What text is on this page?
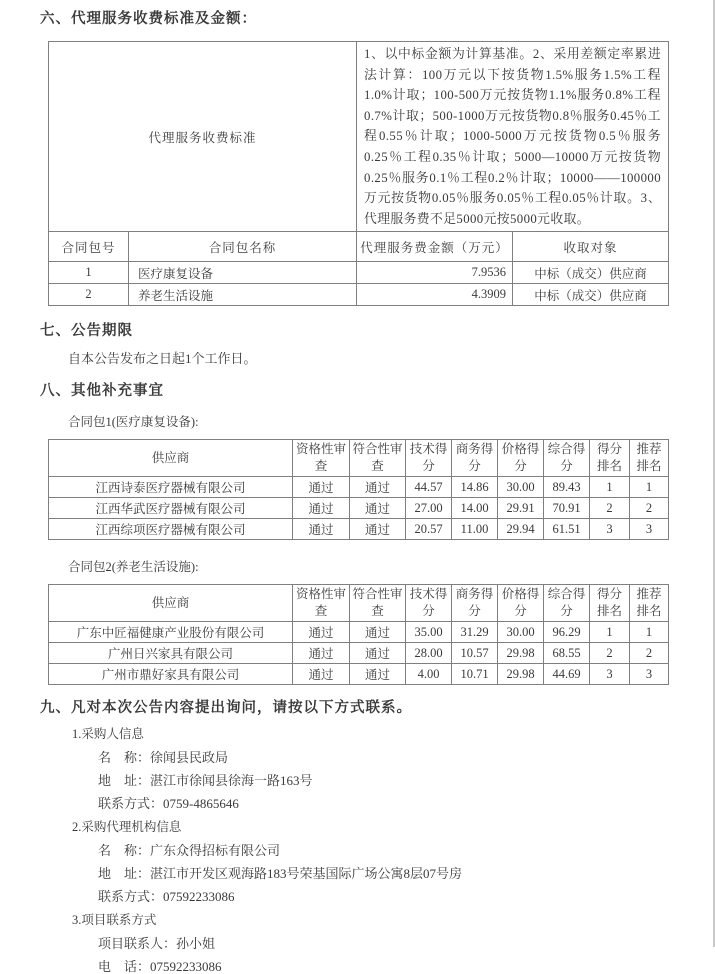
六、代理服务收费标准及金额：
代理服务收费标准		1、以中标金额为计算基准。2、采用差额定率累进法计算：100万元以下按货物1.5%服务1.5%工程1.0%计取；100-500万元按货物1.1%服务0.8%工程0.7%计取；500-1000万元按货物0.8％服务0.45％工程0.55％计取；1000-5000万元按货物0.5％服务0.25％工程0.35％计取；5000—10000万元按货物0.25％服务0.1％工程0.2％计取；10000——100000万元按货物0.05％服务0.05％工程0.05％计取。3、代理服务费不足5000元按5000元收取。	
合同包号	合同包名称	代理服务费金额（万元）	收取对象
1	医疗康复设备	7.9536	中标（成交）供应商
2	养老生活设施	4.3909	中标（成交）供应商
七、公告期限
自本公告发布之日起1个工作日。
八、其他补充事宜
合同包1(医疗康复设备):
供应商	资格性审查	符合性审查	技术得分	商务得分	价格得分	综合得分	得分排名	推荐排名
江西诗泰医疗器械有限公司	通过	通过	44.57	14.86	30.00	89.43	1	1
江西华武医疗器械有限公司	通过	通过	27.00	14.00	29.91	70.91	2	2
江西综项医疗器械有限公司	通过	通过	20.57	11.00	29.94	61.51	3	3
合同包2(养老生活设施):
供应商	资格性审查	符合性审查	技术得分	商务得分	价格得分	综合得分	得分排名	推荐排名
广东中匠福健康产业股份有限公司	通过	通过	35.00	31.29	30.00	96.29	1	1
广州日兴家具有限公司	通过	通过	28.00	10.57	29.98	68.55	2	2
广州市鼎好家具有限公司	通过	通过	4.00	10.71	29.98	44.69	3	3
九、凡对本次公告内容提出询问，请按以下方式联系。
1.采购人信息
名　称：徐闻县民政局
地　址：湛江市徐闻县徐海一路163号
联系方式：0759-4865646
2.采购代理机构信息
名　称：广东众得招标有限公司
地　址：湛江市开发区观海路183号荣基国际广场公寓8层07号房
联系方式：07592233086
3.项目联系方式
项目联系人：孙小姐
电　话：07592233086
